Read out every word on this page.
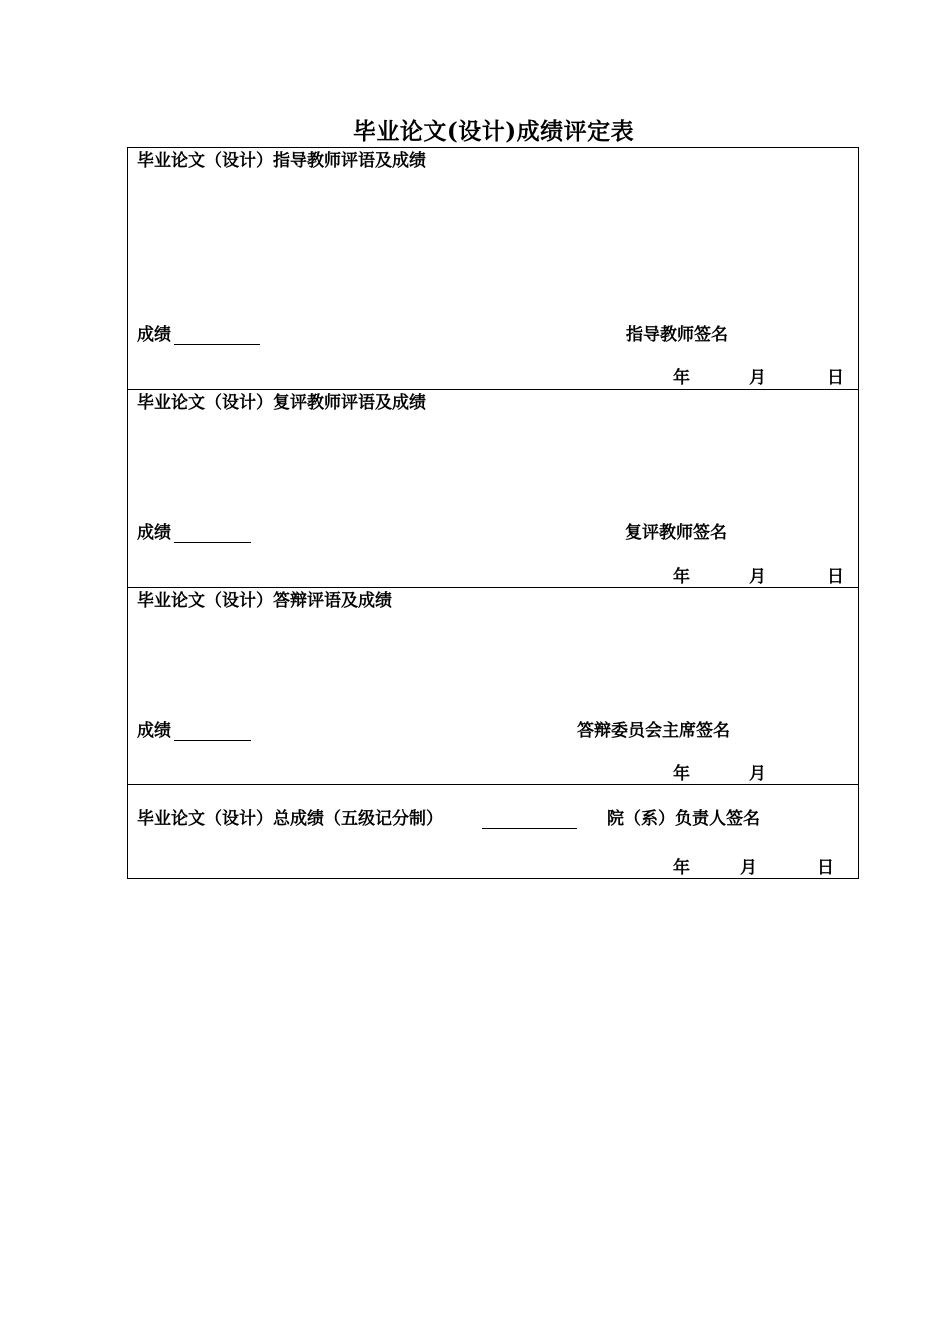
毕业论文(设计)成绩评定表
毕业论文（设计）指导教师评语及成绩
成绩	指导教师签名
年	月	日
毕业论文（设计）复评教师评语及成绩
成绩	复评教师签名
年	月	日
毕业论文（设计）答辩评语及成绩
成绩	答辩委员会主席签名
年	月
毕业论文（设计）总成绩（五级记分制）	院（系）负责人签名
年	月	日
